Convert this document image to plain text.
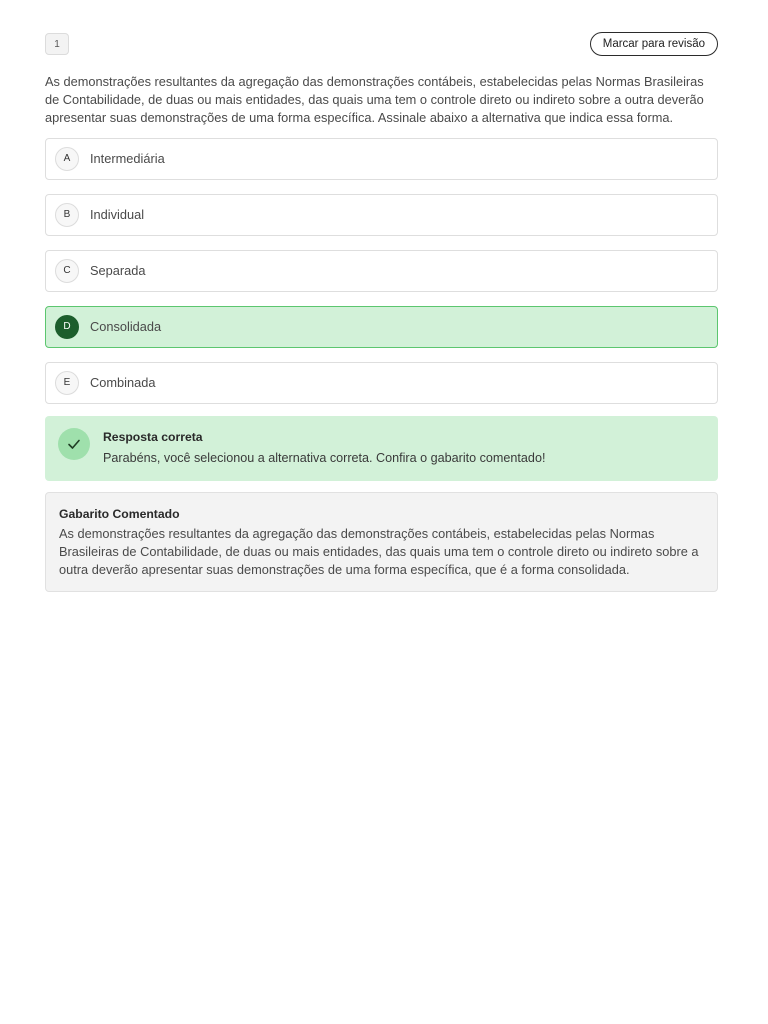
1	Marcar para revisão
As demonstrações resultantes da agregação das demonstrações contábeis, estabelecidas pelas Normas Brasileiras de Contabilidade, de duas ou mais entidades, das quais uma tem o controle direto ou indireto sobre a outra deverão apresentar suas demonstrações de uma forma específica. Assinale abaixo a alternativa que indica essa forma.
A	Intermediária
B	Individual
C	Separada
D	Consolidada
E	Combinada
Resposta correta
Parabéns, você selecionou a alternativa correta. Confira o gabarito comentado!
Gabarito Comentado
As demonstrações resultantes da agregação das demonstrações contábeis, estabelecidas pelas Normas Brasileiras de Contabilidade, de duas ou mais entidades, das quais uma tem o controle direto ou indireto sobre a outra deverão apresentar suas demonstrações de uma forma específica, que é a forma consolidada.
